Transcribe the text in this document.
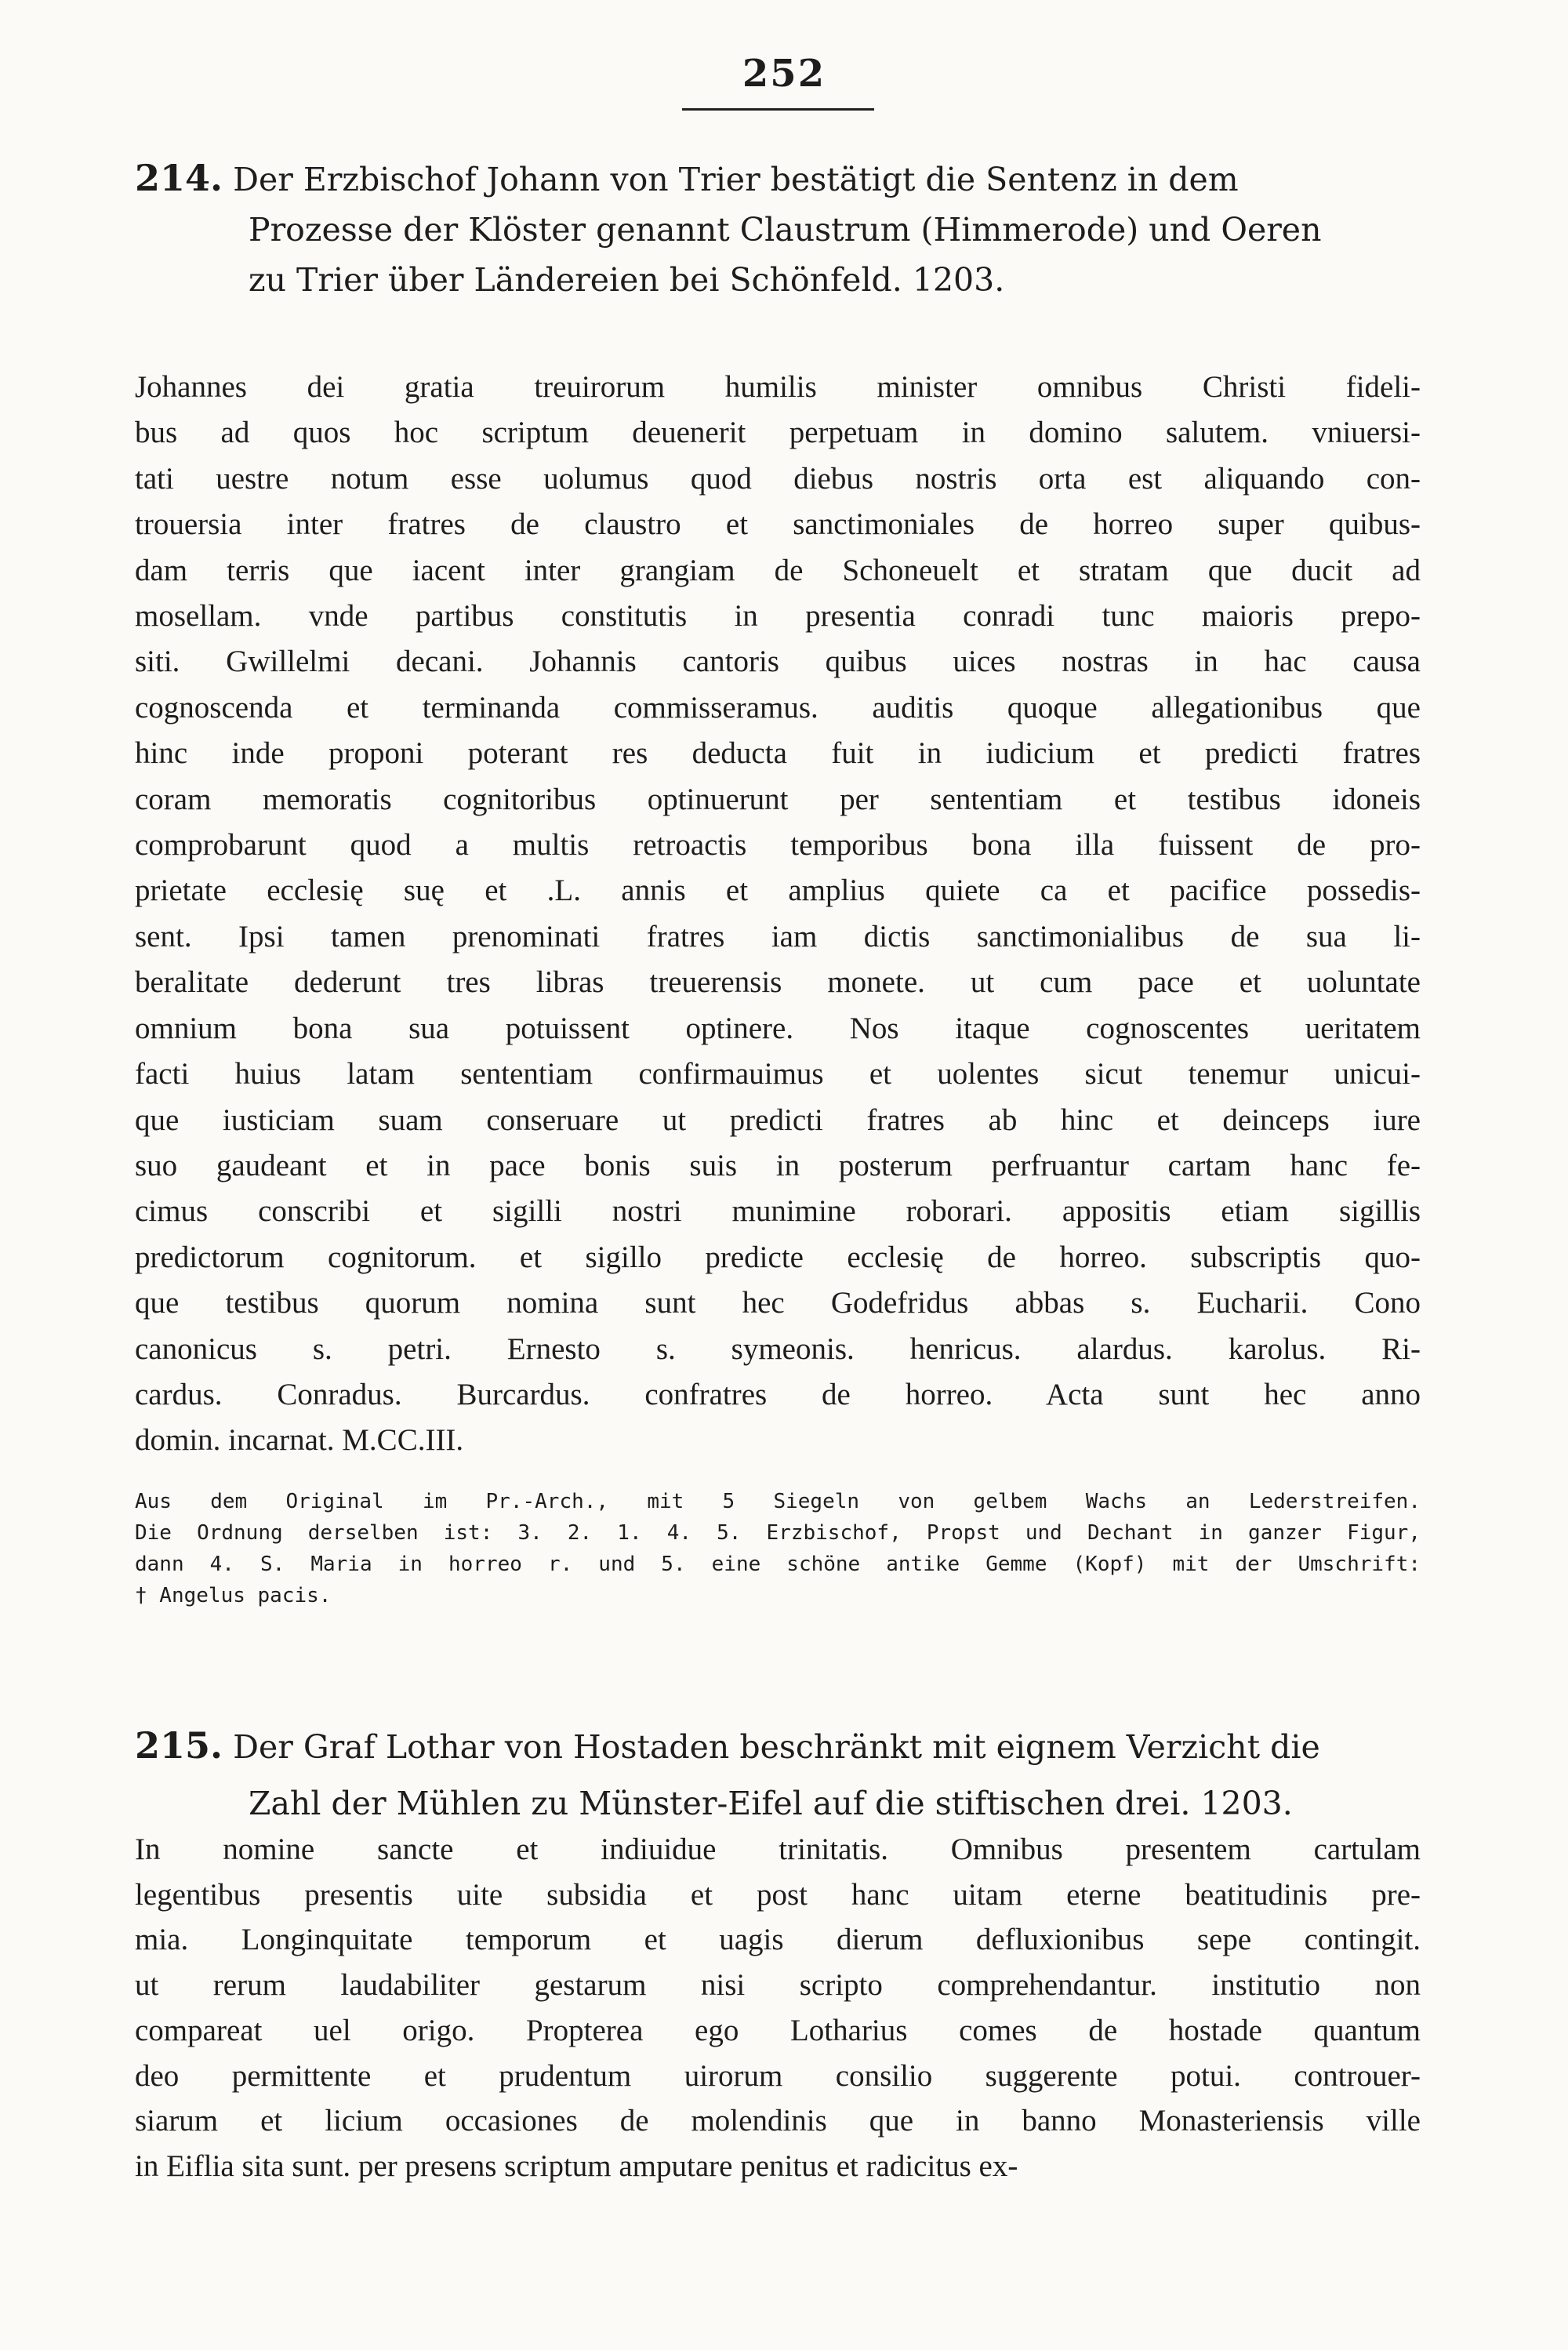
252
214. Der Erzbischof Johann von Trier bestätigt die Sentenz in dem
Prozesse der Klöster genannt Claustrum (Himmerode) und Oeren
zu Trier über Ländereien bei Schönfeld. 1203.
Johannes dei gratia treuirorum humilis minister omnibus Christi fideli-
bus ad quos hoc scriptum deuenerit perpetuam in domino salutem. vniuersi-
tati uestre notum esse uolumus quod diebus nostris orta est aliquando con-
trouersia inter fratres de claustro et sanctimoniales de horreo super quibus-
dam terris que iacent inter grangiam de Schoneuelt et stratam que ducit ad
mosellam. vnde partibus constitutis in presentia conradi tunc maioris prepo-
siti. Gwillelmi decani. Johannis cantoris quibus uices nostras in hac causa
cognoscenda et terminanda commisseramus. auditis quoque allegationibus que
hinc inde proponi poterant res deducta fuit in iudicium et predicti fratres
coram memoratis cognitoribus optinuerunt per sententiam et testibus idoneis
comprobarunt quod a multis retroactis temporibus bona illa fuissent de pro-
prietate ecclesię suę et .L. annis et amplius quiete ca et pacifice possedis-
sent. Ipsi tamen prenominati fratres iam dictis sanctimonialibus de sua li-
beralitate dederunt tres libras treuerensis monete. ut cum pace et uoluntate
omnium bona sua potuissent optinere. Nos itaque cognoscentes ueritatem
facti huius latam sententiam confirmauimus et uolentes sicut tenemur unicui-
que iusticiam suam conseruare ut predicti fratres ab hinc et deinceps iure
suo gaudeant et in pace bonis suis in posterum perfruantur cartam hanc fe-
cimus conscribi et sigilli nostri munimine roborari. appositis etiam sigillis
predictorum cognitorum. et sigillo predicte ecclesię de horreo. subscriptis quo-
que testibus quorum nomina sunt hec Godefridus abbas s. Eucharii. Cono
canonicus s. petri. Ernesto s. symeonis. henricus. alardus. karolus. Ri-
cardus. Conradus. Burcardus. confratres de horreo. Acta sunt hec anno
domin. incarnat. M.CC.III.
Aus dem Original im Pr.-Arch., mit 5 Siegeln von gelbem Wachs an Lederstreifen.
Die Ordnung derselben ist: 3. 2. 1. 4. 5. Erzbischof, Propst und Dechant in ganzer Figur,
dann 4. S. Maria in horreo r. und 5. eine schöne antike Gemme (Kopf) mit der Umschrift:
† Angelus pacis.
215. Der Graf Lothar von Hostaden beschränkt mit eignem Verzicht die
Zahl der Mühlen zu Münster-Eifel auf die stiftischen drei. 1203.
In nomine sancte et indiuidue trinitatis. Omnibus presentem cartulam
legentibus presentis uite subsidia et post hanc uitam eterne beatitudinis pre-
mia. Longinquitate temporum et uagis dierum defluxionibus sepe contingit.
ut rerum laudabiliter gestarum nisi scripto comprehendantur. institutio non
compareat uel origo. Propterea ego Lotharius comes de hostade quantum
deo permittente et prudentum uirorum consilio suggerente potui. controuer-
siarum et licium occasiones de molendinis que in banno Monasteriensis ville
in Eiflia sita sunt. per presens scriptum amputare penitus et radicitus ex-
